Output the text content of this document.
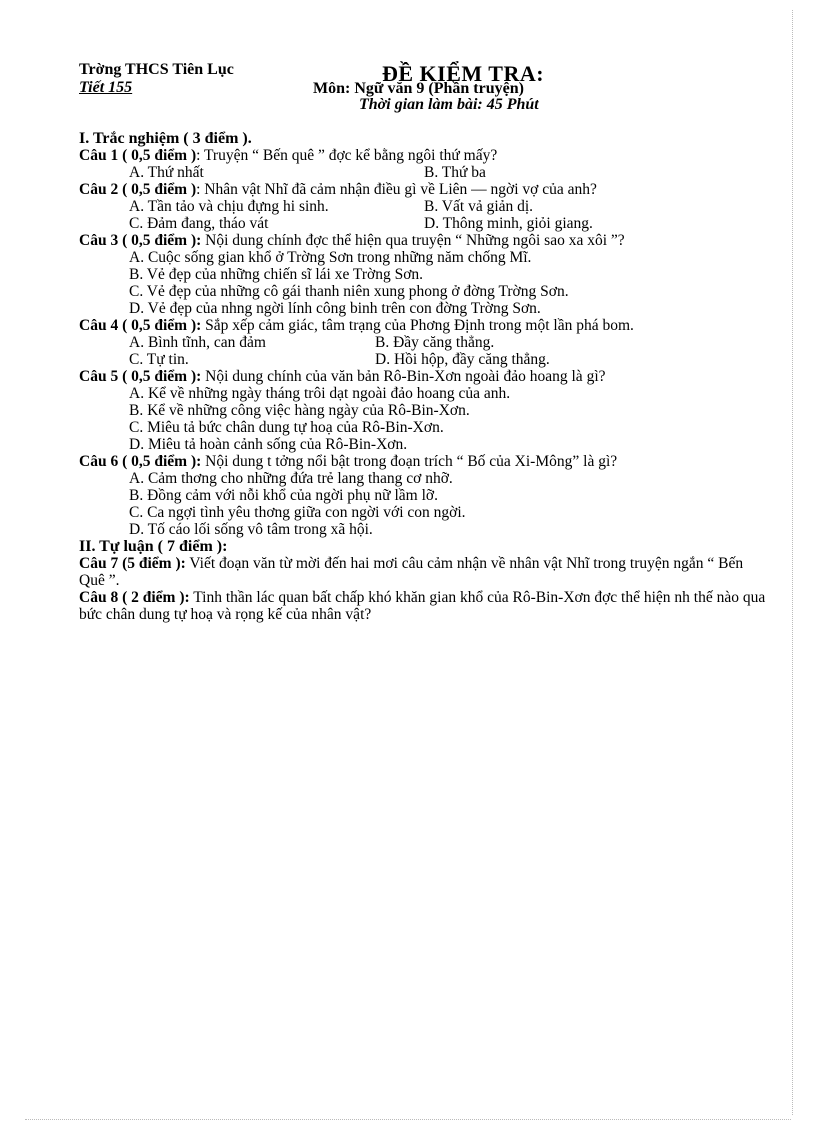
Trờng THCS Tiên Lục
Tiết 155
ĐỀ KIỂM TRA:
Môn: Ngữ văn 9 (Phần truyện)
Thời gian làm bài: 45 Phút
I. Trắc nghiệm ( 3 điểm ).
Câu 1 ( 0,5 điểm ): Truyện “ Bến quê ” đợc kể bằng ngôi thứ mấy?
A. Thứ nhất	B. Thứ ba
Câu 2 ( 0,5 điểm ): Nhân vật Nhĩ đã cảm nhận điều gì về Liên — ngời vợ của anh?
A. Tần tảo và chịu đựng hi sinh.	B. Vất vả giản dị.
C. Đảm đang, tháo vát	D. Thông minh, giỏi giang.
Câu 3 ( 0,5 điểm ): Nội dung chính đợc thể hiện qua truyện “ Những ngôi sao xa xôi ”?
A. Cuộc sống gian khổ ở Trờng Sơn trong những năm chống Mĩ.
B. Vẻ đẹp của những chiến sĩ lái xe Trờng Sơn.
C. Vẻ đẹp của những cô gái thanh niên xung phong ở đờng Trờng Sơn.
D. Vẻ đẹp của nhng ngời lính công binh trên con đờng Trờng Sơn.
Câu 4 ( 0,5 điểm ): Sắp xếp cảm giác, tâm trạng của Phơng Định trong một lần phá bom.
A. Bình tĩnh, can đảm	B. Đầy căng thẳng.
C. Tự tin.	D. Hồi hộp, đầy căng thẳng.
Câu 5 ( 0,5 điểm ): Nội dung chính của văn bản Rô-Bin-Xơn ngoài đảo hoang là gì?
A. Kể về những ngày tháng trôi dạt ngoài đảo hoang của anh.
B. Kể về những công việc hàng ngày của Rô-Bin-Xơn.
C. Miêu tả bức chân dung tự hoạ của Rô-Bin-Xơn.
D. Miêu tả hoàn cảnh sống của Rô-Bin-Xơn.
Câu 6 ( 0,5 điểm ): Nội dung t tởng nổi bật trong đoạn trích “ Bố của Xi-Mông” là gì?
A. Cảm thơng cho những đứa trẻ lang thang cơ nhỡ.
B. Đồng cảm với nỗi khổ của ngời phụ nữ lầm lỡ.
C. Ca ngợi tình yêu thơng giữa con ngời với con ngời.
D. Tố cáo lối sống vô tâm trong xã hội.
II. Tự luận ( 7 điểm ):
Câu 7 (5 điểm ): Viết đoạn văn từ mời đến hai mơi câu cảm nhận về nhân vật Nhĩ trong truyện ngắn “ Bến Quê ”.
Câu 8 ( 2 điểm ): Tinh thần lác quan bất chấp khó khăn gian khổ của Rô-Bin-Xơn đợc thể hiện nh thế nào qua bức chân dung tự hoạ và rọng kế của nhân vật?
